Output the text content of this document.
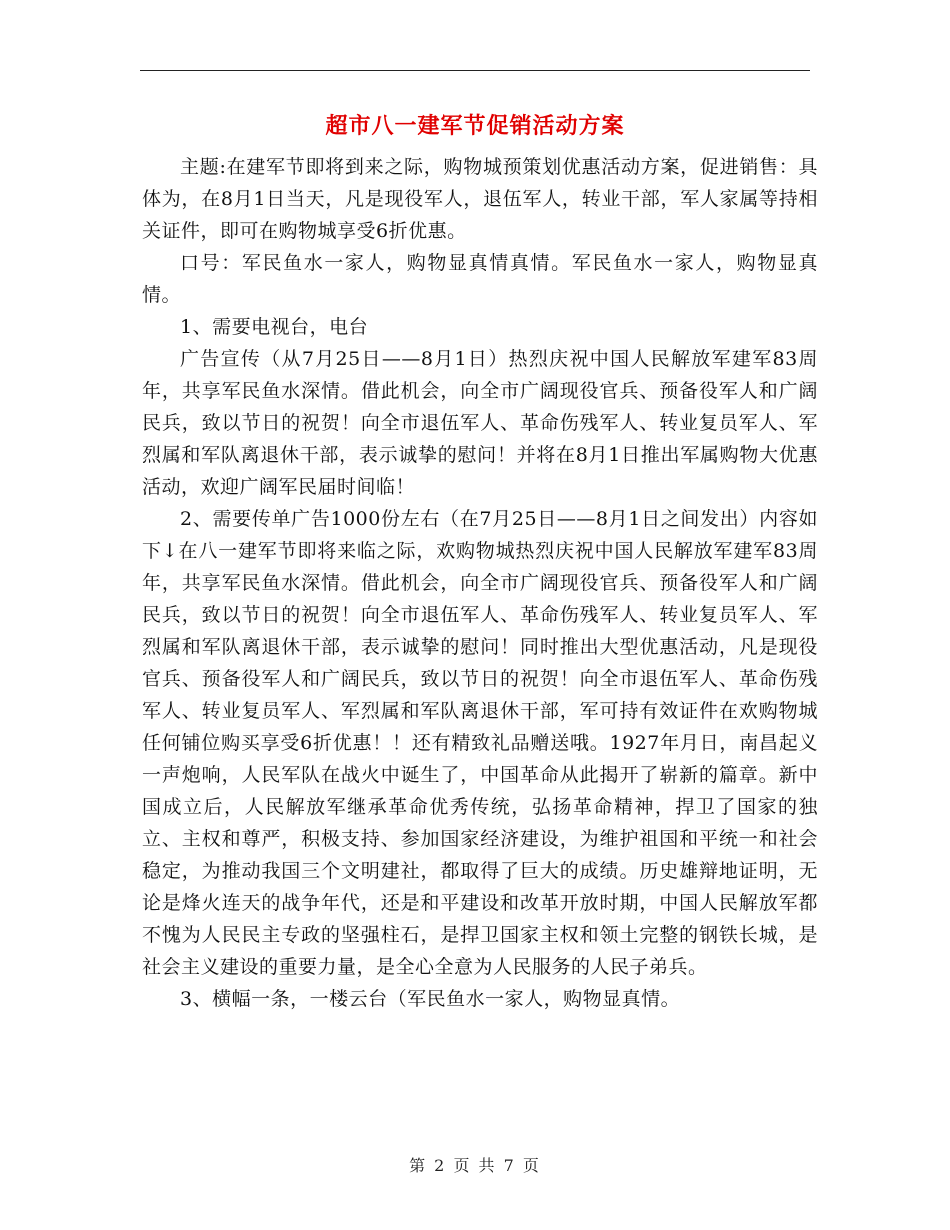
超市八一建军节促销活动方案

主题:在建军节即将到来之际，购物城预策划优惠活动方案，促进销售：具体为，在8月1日当天，凡是现役军人，退伍军人，转业干部，军人家属等持相关证件，即可在购物城享受6折优惠。

口号：军民鱼水一家人，购物显真情真情。军民鱼水一家人，购物显真情。

1、需要电视台，电台

广告宣传（从7月25日——8月1日）热烈庆祝中国人民解放军建军83周年，共享军民鱼水深情。借此机会，向全市广阔现役官兵、预备役军人和广阔民兵，致以节日的祝贺！向全市退伍军人、革命伤残军人、转业复员军人、军烈属和军队离退休干部，表示诚挚的慰问！并将在8月1日推出军属购物大优惠活动，欢迎广阔军民届时间临！

2、需要传单广告1000份左右（在7月25日——8月1日之间发出）内容如下↓在八一建军节即将来临之际，欢购物城热烈庆祝中国人民解放军建军83周年，共享军民鱼水深情。借此机会，向全市广阔现役官兵、预备役军人和广阔民兵，致以节日的祝贺！向全市退伍军人、革命伤残军人、转业复员军人、军烈属和军队离退休干部，表示诚挚的慰问！同时推出大型优惠活动，凡是现役官兵、预备役军人和广阔民兵，致以节日的祝贺！向全市退伍军人、革命伤残军人、转业复员军人、军烈属和军队离退休干部，军可持有效证件在欢购物城任何铺位购买享受6折优惠！！还有精致礼品赠送哦。1927年月日，南昌起义一声炮响，人民军队在战火中诞生了，中国革命从此揭开了崭新的篇章。新中国成立后，人民解放军继承革命优秀传统，弘扬革命精神，捍卫了国家的独立、主权和尊严，积极支持、参加国家经济建设，为维护祖国和平统一和社会稳定，为推动我国三个文明建社，都取得了巨大的成绩。历史雄辩地证明，无论是烽火连天的战争年代，还是和平建设和改革开放时期，中国人民解放军都不愧为人民民主专政的坚强柱石，是捍卫国家主权和领土完整的钢铁长城，是社会主义建设的重要力量，是全心全意为人民服务的人民子弟兵。

3、横幅一条，一楼云台（军民鱼水一家人，购物显真情。

第 2 页 共 7 页
